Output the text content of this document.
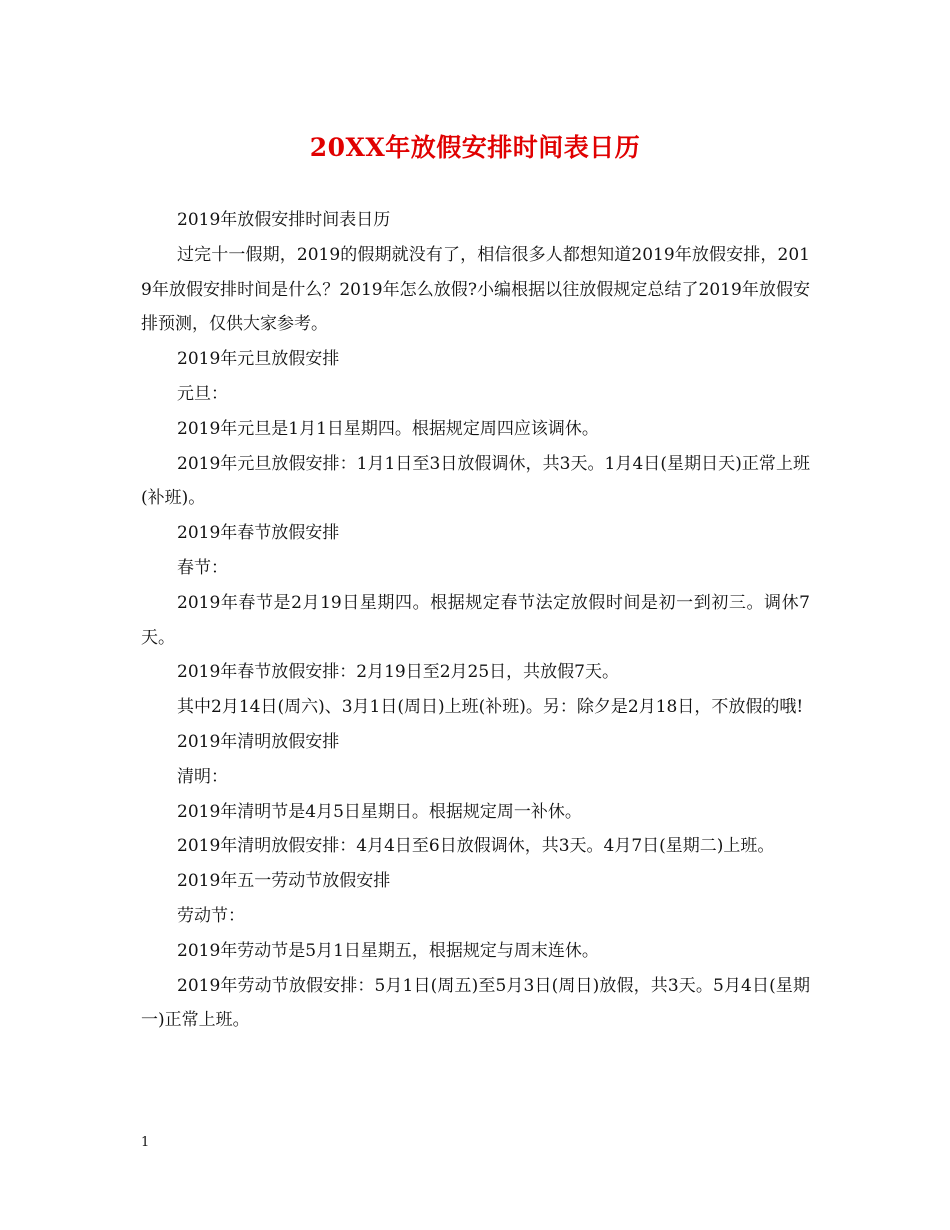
20XX年放假安排时间表日历

2019年放假安排时间表日历

过完十一假期，2019的假期就没有了，相信很多人都想知道2019年放假安排，2019年放假安排时间是什么？2019年怎么放假?小编根据以往放假规定总结了2019年放假安排预测，仅供大家参考。

2019年元旦放假安排

元旦：

2019年元旦是1月1日星期四。根据规定周四应该调休。

2019年元旦放假安排：1月1日至3日放假调休，共3天。1月4日(星期日天)正常上班(补班)。

2019年春节放假安排

春节：

2019年春节是2月19日星期四。根据规定春节法定放假时间是初一到初三。调休7天。

2019年春节放假安排：2月19日至2月25日，共放假7天。

其中2月14日(周六)、3月1日(周日)上班(补班)。另：除夕是2月18日，不放假的哦!

2019年清明放假安排

清明：

2019年清明节是4月5日星期日。根据规定周一补休。

2019年清明放假安排：4月4日至6日放假调休，共3天。4月7日(星期二)上班。

2019年五一劳动节放假安排

劳动节：

2019年劳动节是5月1日星期五，根据规定与周末连休。

2019年劳动节放假安排：5月1日(周五)至5月3日(周日)放假，共3天。5月4日(星期一)正常上班。

1
